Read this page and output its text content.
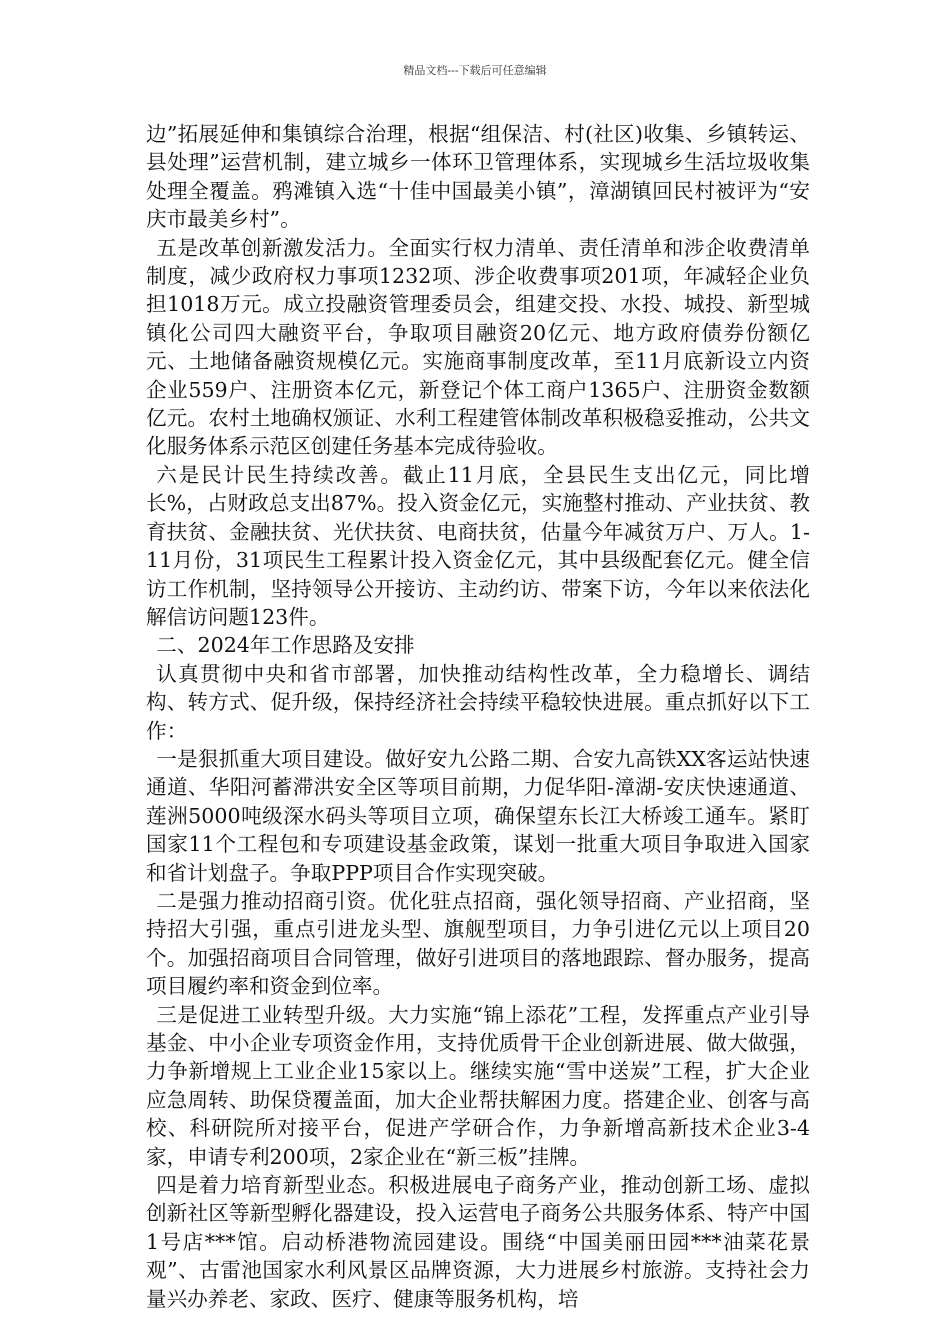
精品文档---下载后可任意编辑

边”拓展延伸和集镇综合治理，根据“组保洁、村(社区)收集、乡镇转运、县处理”运营机制，建立城乡一体环卫管理体系，实现城乡生活垃圾收集处理全覆盖。鸦滩镇入选“十佳中国最美小镇”，漳湖镇回民村被评为“安庆市最美乡村”。

五是改革创新激发活力。全面实行权力清单、责任清单和涉企收费清单制度，减少政府权力事项1232项、涉企收费事项201项，年减轻企业负担1018万元。成立投融资管理委员会，组建交投、水投、城投、新型城镇化公司四大融资平台，争取项目融资20亿元、地方政府债券份额亿元、土地储备融资规模亿元。实施商事制度改革，至11月底新设立内资企业559户、注册资本亿元，新登记个体工商户1365户、注册资金数额亿元。农村土地确权颁证、水利工程建管体制改革积极稳妥推动，公共文化服务体系示范区创建任务基本完成待验收。

六是民计民生持续改善。截止11月底，全县民生支出亿元，同比增长%，占财政总支出87%。投入资金亿元，实施整村推动、产业扶贫、教育扶贫、金融扶贫、光伏扶贫、电商扶贫，估量今年减贫万户、万人。1-11月份，31项民生工程累计投入资金亿元，其中县级配套亿元。健全信访工作机制，坚持领导公开接访、主动约访、带案下访，今年以来依法化解信访问题123件。

二、2024年工作思路及安排

认真贯彻中央和省市部署，加快推动结构性改革，全力稳增长、调结构、转方式、促升级，保持经济社会持续平稳较快进展。重点抓好以下工作：

一是狠抓重大项目建设。做好安九公路二期、合安九高铁XX客运站快速通道、华阳河蓄滞洪安全区等项目前期，力促华阳-漳湖-安庆快速通道、莲洲5000吨级深水码头等项目立项，确保望东长江大桥竣工通车。紧盯国家11个工程包和专项建设基金政策，谋划一批重大项目争取进入国家和省计划盘子。争取PPP项目合作实现突破。

二是强力推动招商引资。优化驻点招商，强化领导招商、产业招商，坚持招大引强，重点引进龙头型、旗舰型项目，力争引进亿元以上项目20个。加强招商项目合同管理，做好引进项目的落地跟踪、督办服务，提高项目履约率和资金到位率。

三是促进工业转型升级。大力实施“锦上添花”工程，发挥重点产业引导基金、中小企业专项资金作用，支持优质骨干企业创新进展、做大做强，力争新增规上工业企业15家以上。继续实施“雪中送炭”工程，扩大企业应急周转、助保贷覆盖面，加大企业帮扶解困力度。搭建企业、创客与高校、科研院所对接平台，促进产学研合作，力争新增高新技术企业3-4家，申请专利200项，2家企业在“新三板”挂牌。

四是着力培育新型业态。积极进展电子商务产业，推动创新工场、虚拟创新社区等新型孵化器建设，投入运营电子商务公共服务体系、特产中国1号店***馆。启动桥港物流园建设。围绕“中国美丽田园***油菜花景观”、古雷池国家水利风景区品牌资源，大力进展乡村旅游。支持社会力量兴办养老、家政、医疗、健康等服务机构，培
